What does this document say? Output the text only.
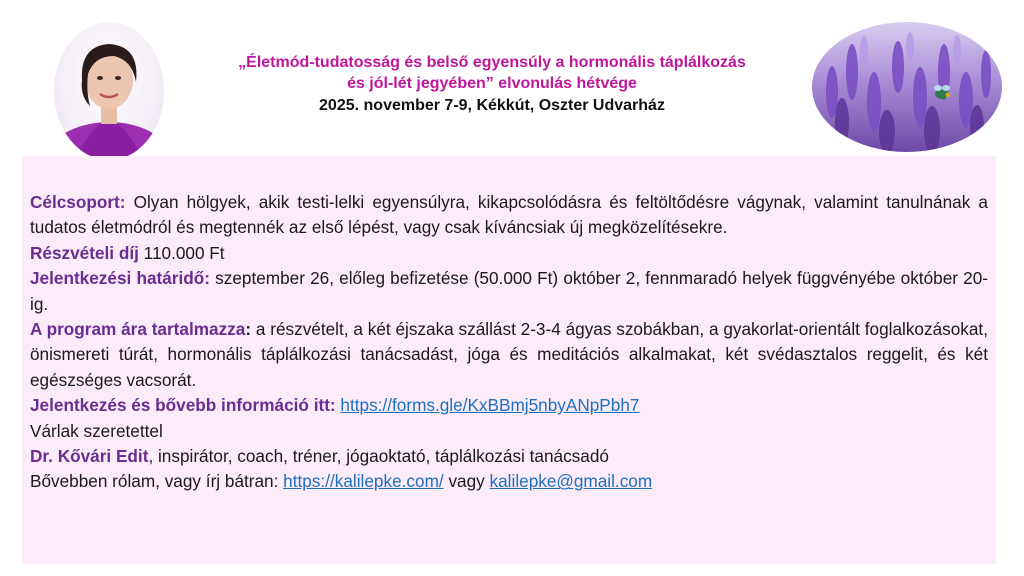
„Életmód-tudatosság és belső egyensúly a hormonális táplálkozás
és jól-lét jegyében” elvonulás hétvége
2025. november 7-9, Kékkút, Oszter Udvarház

Célcsoport: Olyan hölgyek, akik testi-lelki egyensúlyra, kikapcsolódásra és feltöltődésre vágynak, valamint tanulnának a tudatos életmódról és megtennék az első lépést, vagy csak kíváncsiak új megközelítésekre.

Részvételi díj 110.000 Ft

Jelentkezési határidő: szeptember 26, előleg befizetése (50.000 Ft) október 2, fennmaradó helyek függvényébe október 20-ig.

A program ára tartalmazza: a részvételt, a két éjszaka szállást 2-3-4 ágyas szobákban, a gyakorlat-orientált foglalkozásokat, önismereti túrát, hormonális táplálkozási tanácsadást, jóga és meditációs alkalmakat, két svédasztalos reggelit, és két egészséges vacsorát.

Jelentkezés és bővebb információ itt: https://forms.gle/KxBBmj5nbyANpPbh7

Várlak szeretettel

Dr. Kővári Edit, inspirátor, coach, tréner, jógaoktató, táplálkozási tanácsadó

Bővebben rólam, vagy írj bátran: https://kalilepke.com/ vagy kalilepke@gmail.com
